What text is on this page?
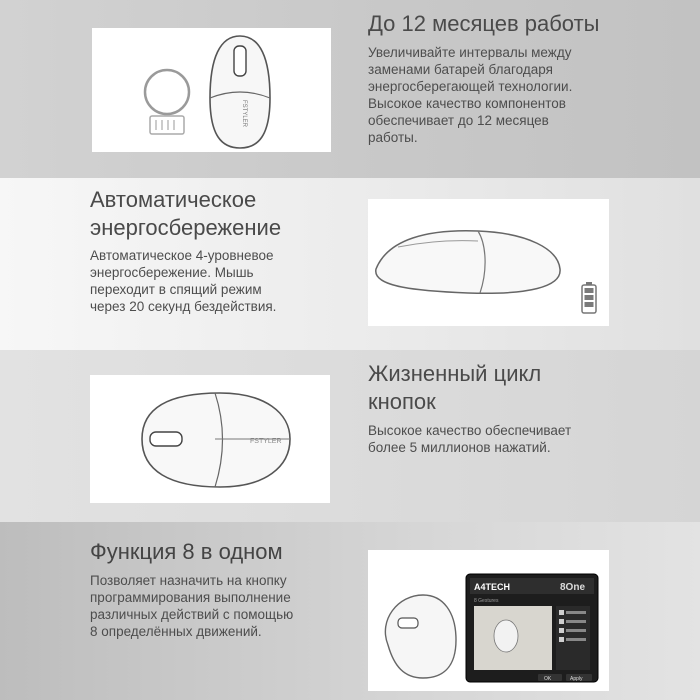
FSTYLER
До 12 месяцев работы

Увеличивайте интервалы между

заменами батарей благодаря

энергосберегающей технологии.

Высокое качество компонентов

обеспечивает до 12 месяцев

работы.

Автоматическое
энергосбережение

Автоматическое 4-уровневое

энергосбережение. Мышь

переходит в спящий режим

через 20 секунд бездействия.

FSTYLER
Жизненный цикл
кнопок

Высокое качество обеспечивает

более 5 миллионов нажатий.

Функция 8 в одном

Позволяет назначить на кнопку

программирования выполнение

различных действий с помощью

8 определённых движений.

A4TECH	8One
8 Gestures
OK	Apply
